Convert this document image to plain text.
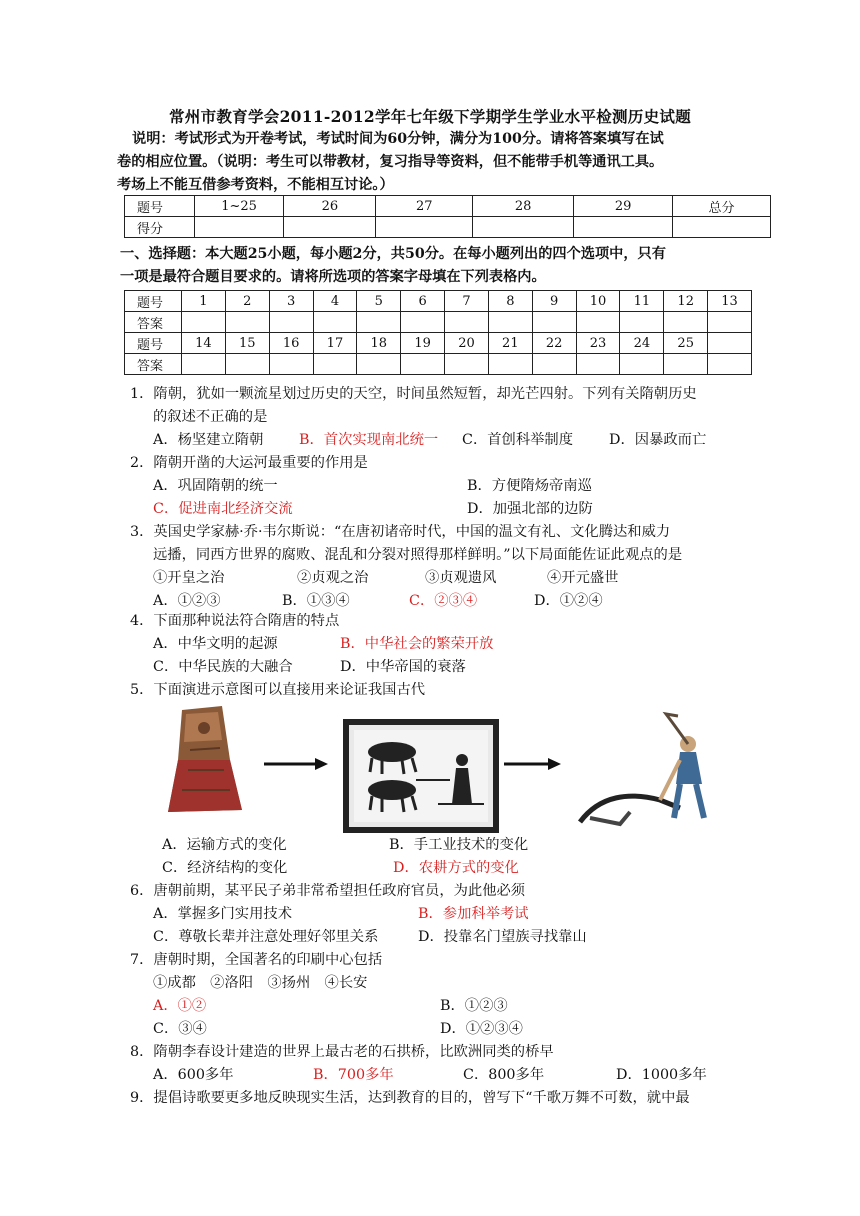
常州市教育学会2011-2012学年七年级下学期学生学业水平检测历史试题
说明：考试形式为开卷考试，考试时间为60分钟，满分为100分。请将答案填写在试
卷的相应位置。（说明：考生可以带教材，复习指导等资料，但不能带手机等通讯工具。
考场上不能互借参考资料，不能相互讨论。）
题号	1~25	26	27	28	29	总分
得分						
一、选择题：本大题25小题，每小题2分，共50分。在每小题列出的四个选项中，只有
一项是最符合题目要求的。请将所选项的答案字母填在下列表格内。
题号	1	2	3	4	5	6	7	8	9	10	11	12	13
答案													
题号	14	15	16	17	18	19	20	21	22	23	24	25	
答案													
1．隋朝，犹如一颗流星划过历史的天空，时间虽然短暂，却光芒四射。下列有关隋朝历史
的叙述不正确的是
A．杨坚建立隋朝 B．首次实现南北统一 C．首创科举制度	D．因暴政而亡
2．隋朝开凿的大运河最重要的作用是
A．巩固隋朝的统一	B．方便隋炀帝南巡
C．促进南北经济交流	D．加强北部的边防
3．英国史学家赫·乔·韦尔斯说：“在唐初诸帝时代，中国的温文有礼、文化腾达和威力
远播，同西方世界的腐败、混乱和分裂对照得那样鲜明。”以下局面能佐证此观点的是
①开皇之治	②贞观之治	③贞观遗风	④开元盛世
A．①②③	B．①③④	C．②③④	D．①②④
4．下面那种说法符合隋唐的特点
A．中华文明的起源	B．中华社会的繁荣开放
C．中华民族的大融合	D．中华帝国的衰落
5．下面演进示意图可以直接用来论证我国古代
A．运输方式的变化	B．手工业技术的变化
C．经济结构的变化	D．农耕方式的变化
6．唐朝前期，某平民子弟非常希望担任政府官员，为此他必须
A．掌握多门实用技术	B．参加科举考试
C．尊敬长辈并注意处理好邻里关系	D．投靠名门望族寻找靠山
7．唐朝时期，全国著名的印刷中心包括
①成都　②洛阳　③扬州　④长安
A．①②	B．①②③
C．③④	D．①②③④
8．隋朝李春设计建造的世界上最古老的石拱桥，比欧洲同类的桥早
A．600多年	B．700多年	C．800多年	D．1000多年
9．提倡诗歌要更多地反映现实生活，达到教育的目的，曾写下“千歌万舞不可数，就中最
